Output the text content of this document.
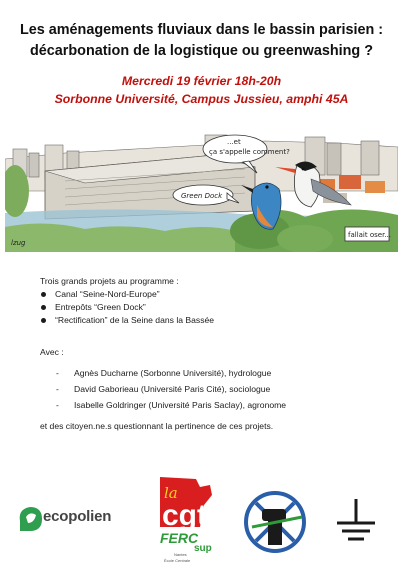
Les aménagements fluviaux dans le bassin parisien :
décarbonation de la logistique ou greenwashing ?
Mercredi 19 février 18h-20h
Sorbonne Université, Campus Jussieu, amphi 45A
...et
ça s'appelle comment?
Green Dock
fallait oser...
lzug
Trois grands projets au programme :
Canal “Seine-Nord-Europe”
Entrepôts “Green Dock”
“Rectification” de la Seine dans la Bassée
Avec :
- Agnès Ducharne (Sorbonne Université), hydrologue
- David Gaborieau (Université Paris Cité), sociologue
- Isabelle Goldringer (Université Paris Saclay), agronome
et des citoyen.ne.s questionnant la pertinence de ces projets.
la
cgt
FERC
sup
Nantes
École Centrale
ecopolien
